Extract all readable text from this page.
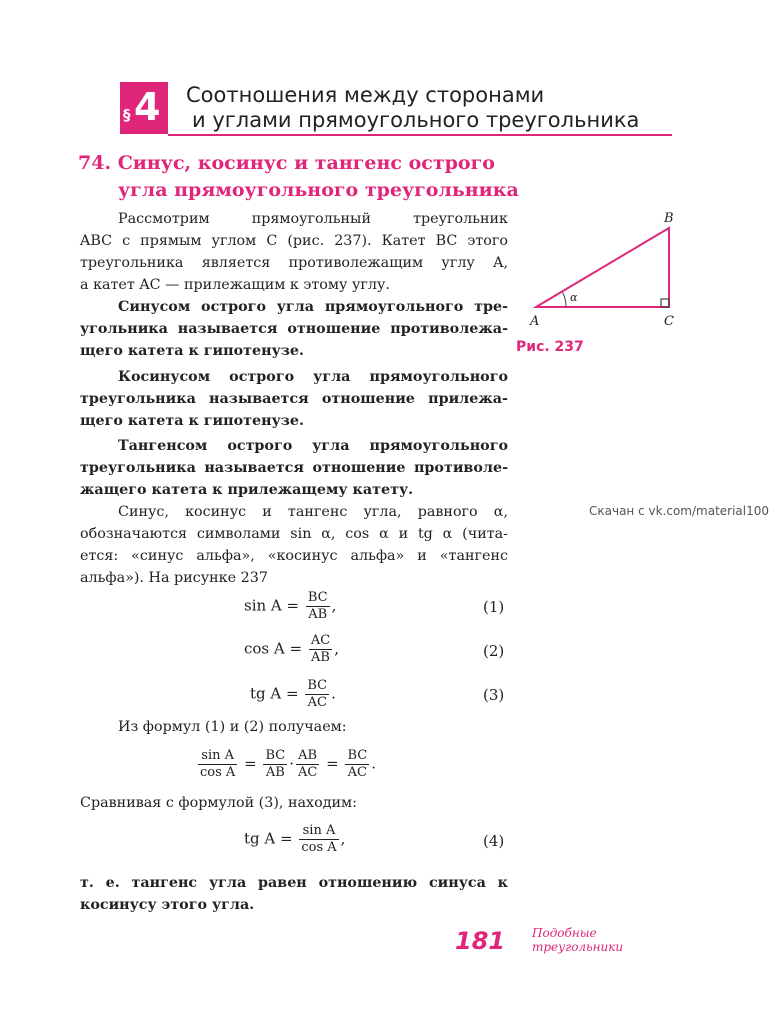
§ 4 Соотношения между сторонами
и углами прямоугольного треугольника
74. Синус, косинус и тангенс острого
угла прямоугольного треугольника
Рассмотрим прямоугольный треугольник
ABC с прямым углом C (рис. 237). Катет BC этого
треугольника является противолежащим углу A,
а катет AC — прилежащим к этому углу.
Синусом острого угла прямоугольного тре-
угольника называется отношение противолежа-
щего катета к гипотенузе.
Косинусом острого угла прямоугольного
треугольника называется отношение прилежа-
щего катета к гипотенузе.
Тангенсом острого угла прямоугольного
треугольника называется отношение противоле-
жащего катета к прилежащему катету.
Синус, косинус и тангенс угла, равного α,
обозначаются символами sin α, cos α и tg α (чита-
ется: «синус альфа», «косинус альфа» и «тангенс
альфа»). На рисунке 237
$\sin A = \frac{BC}{AB}$ ,	(1)
$\cos A = \frac{AC}{AB}$ ,	(2)
tg $A = \frac{BC}{AC}$ .	(3)
Из формул (1) и (2) получаем:
$\frac{\text{sin A}}{\text{cos A}} = \frac{BC}{AB} \cdot \frac{AB}{AC} = \frac{BC}{AC}$ .
Сравнивая с формулой (3), находим:
tg $A = \frac{\text{sin A}}{\text{cos A}}$ ,	(4)
т. е. тангенс угла равен отношению синуса к
косинусу этого угла.
A
B
C
α
Рис. 237
Скачан с vk.com/material100
181 Подобные
треугольники
